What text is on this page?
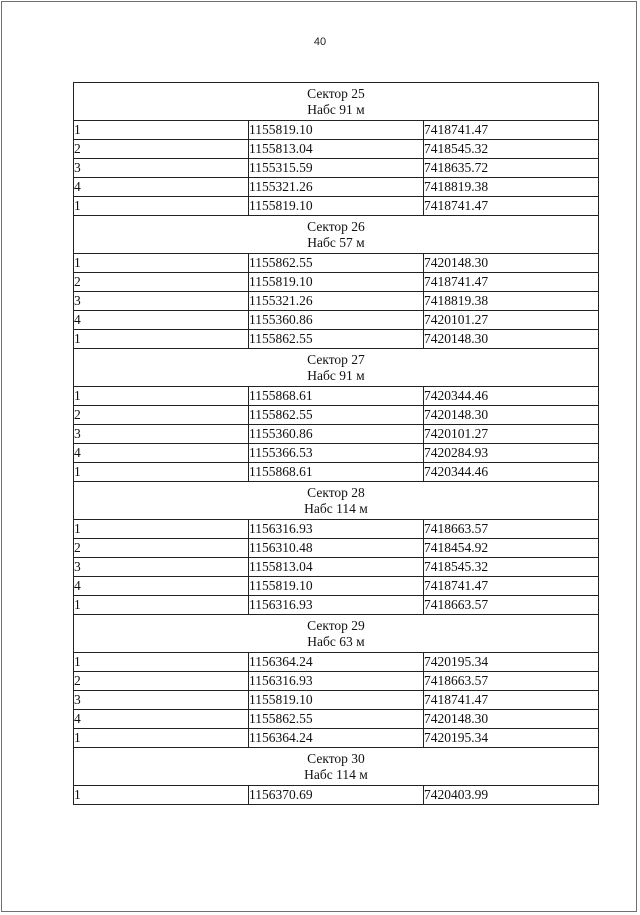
40
Сектор 25
Набс 91 м		

1	1155819.10	7418741.47
2	1155813.04	7418545.32
3	1155315.59	7418635.72
4	1155321.26	7418819.38
1	1155819.10	7418741.47

Сектор 26
Набс 57 м		

1	1155862.55	7420148.30
2	1155819.10	7418741.47
3	1155321.26	7418819.38
4	1155360.86	7420101.27
1	1155862.55	7420148.30

Сектор 27
Набс 91 м		

1	1155868.61	7420344.46
2	1155862.55	7420148.30
3	1155360.86	7420101.27
4	1155366.53	7420284.93
1	1155868.61	7420344.46

Сектор 28
Набс 114 м		

1	1156316.93	7418663.57
2	1156310.48	7418454.92
3	1155813.04	7418545.32
4	1155819.10	7418741.47
1	1156316.93	7418663.57

Сектор 29
Набс 63 м		

1	1156364.24	7420195.34
2	1156316.93	7418663.57
3	1155819.10	7418741.47
4	1155862.55	7420148.30
1	1156364.24	7420195.34

Сектор 30
Набс 114 м		

1	1156370.69	7420403.99
